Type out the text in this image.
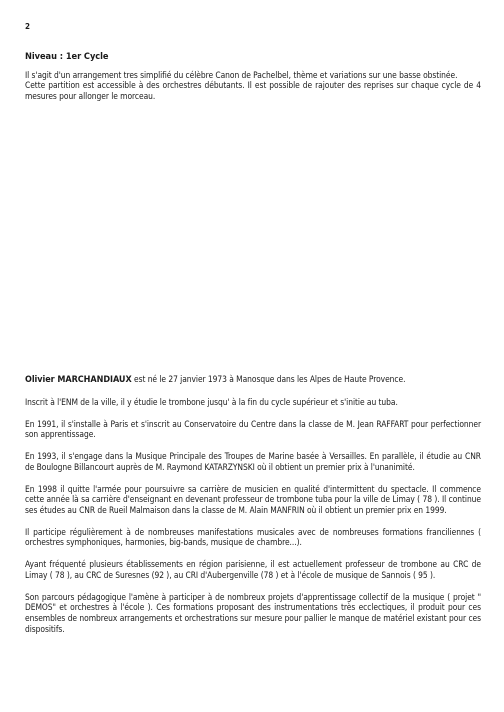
2
Niveau : 1er Cycle

Il s'agit d'un arrangement tres simplifié du célèbre Canon de Pachelbel, thème et variations sur une basse obstinée.

Cette partition est accessible à des orchestres débutants. Il est possible de rajouter des reprises sur chaque cycle de 4 mesures pour allonger le morceau.

Olivier MARCHANDIAUX est né le 27 janvier 1973 à Manosque dans les Alpes de Haute Provence.

Inscrit à l'ENM de la ville, il y étudie le trombone jusqu' à la fin du cycle supérieur et s'initie au tuba.

En 1991, il s'installe à Paris et s'inscrit au Conservatoire du Centre dans la classe de M. Jean RAFFART pour perfectionner son apprentissage.

En 1993, il s'engage dans la Musique Principale des Troupes de Marine basée à Versailles. En parallèle, il étudie au CNR de Boulogne Billancourt auprès de M. Raymond KATARZYNSKI où il obtient un premier prix à l'unanimité.

En 1998 il quitte l'armée pour poursuivre sa carrière de musicien en qualité d'intermittent du spectacle. Il commence cette année là sa carrière d'enseignant en devenant professeur de trombone tuba pour la ville de Limay ( 78 ). Il continue ses études au CNR de Rueil Malmaison dans la classe de M. Alain MANFRIN où il obtient un premier prix en 1999.

Il participe régulièrement à de nombreuses manifestations musicales avec de nombreuses formations franciliennes ( orchestres symphoniques, harmonies, big-bands, musique de chambre...).

Ayant fréquenté plusieurs établissements en région parisienne, il est actuellement professeur de trombone au CRC de Limay ( 78 ), au CRC de Suresnes (92 ), au CRI d'Aubergenville (78 ) et à l'école de musique de Sannois ( 95 ).

Son parcours pédagogique l'amène à participer à de nombreux projets d'apprentissage collectif de la musique ( projet " DEMOS" et orchestres à l'école ). Ces formations proposant des instrumentations très ecclectiques, il produit pour ces ensembles de nombreux arrangements et orchestrations sur mesure pour pallier le manque de matériel existant pour ces dispositifs.
